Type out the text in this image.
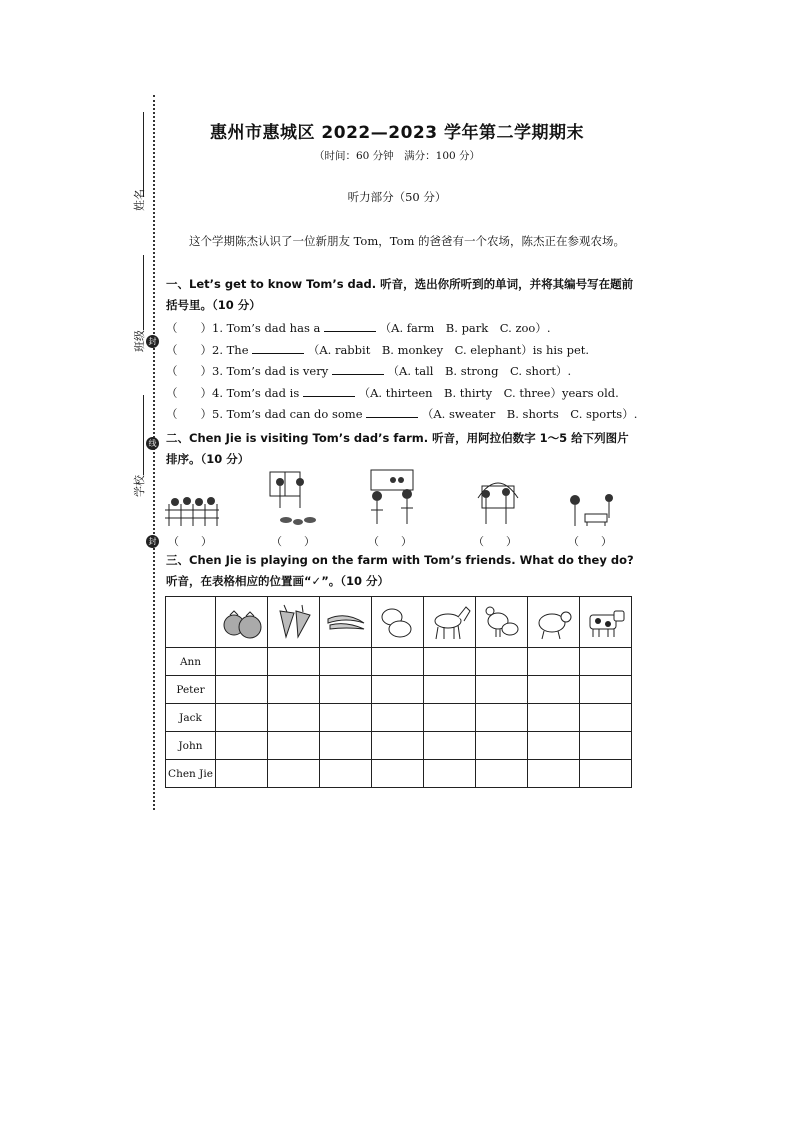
姓名
班级 封
学校
线
封
惠州市惠城区 2022—2023 学年第二学期期末
（时间：60 分钟　满分：100 分）
听力部分（50 分）
这个学期陈杰认识了一位新朋友 Tom，Tom 的爸爸有一个农场，陈杰正在参观农场。
一、Let’s get to know Tom’s dad. 听音，选出你所听到的单词，并将其编号写在题前括号里。（10 分）
（　　）1. Tom’s dad has a	（A. farm　B. park　C. zoo）.
（　　）2. The	（A. rabbit　B. monkey　C. elephant）is his pet.
（　　）3. Tom’s dad is very	（A. tall　B. strong　C. short）.
（　　）4. Tom’s dad is	（A. thirteen　B. thirty　C. three）years old.
（　　）5. Tom’s dad can do some	（A. sweater　B. shorts　C. sports）.
二、Chen Jie is visiting Tom’s dad’s farm. 听音，用阿拉伯数字 1～5 给下列图片排序。（10 分）
（　　）	（　　）	（　　）	（　　）	（　　）
三、Chen Jie is playing on the farm with Tom’s friends. What do they do? 听音，在表格相应的位置画“✓”。（10 分）

Ann								
Peter								
Jack								
John								
Chen Jie								
